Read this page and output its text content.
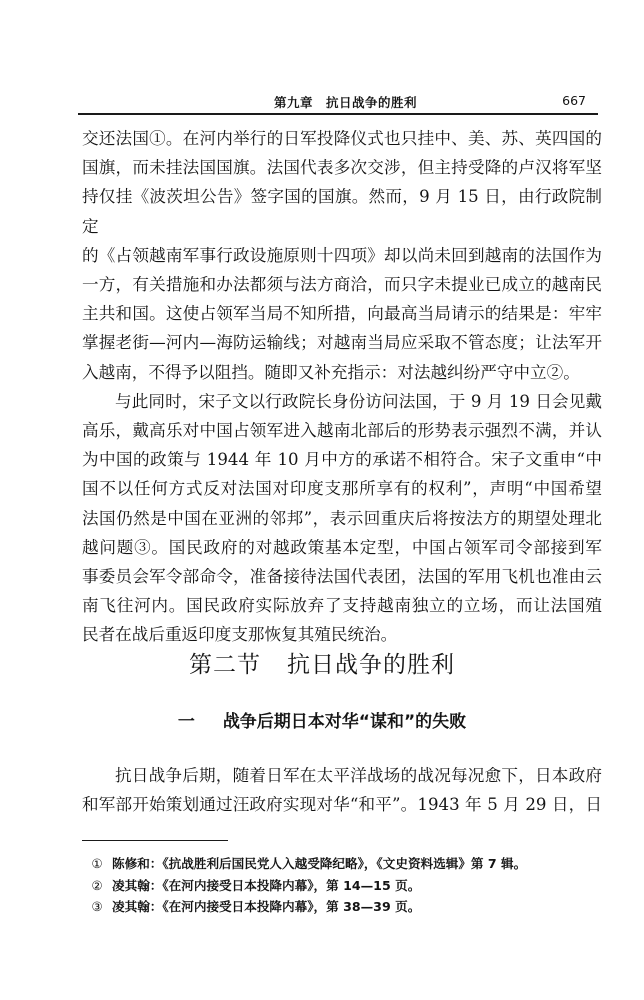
第九章　抗日战争的胜利	667

交还法国①。在河内举行的日军投降仪式也只挂中、美、苏、英四国的

国旗，而未挂法国国旗。法国代表多次交涉，但主持受降的卢汉将军坚

持仅挂《波茨坦公告》签字国的国旗。然而，9 月 15 日，由行政院制定

的《占领越南军事行政设施原则十四项》却以尚未回到越南的法国作为

一方，有关措施和办法都须与法方商洽，而只字未提业已成立的越南民

主共和国。这使占领军当局不知所措，向最高当局请示的结果是：牢牢

掌握老街—河内—海防运输线；对越南当局应采取不管态度；让法军开

入越南，不得予以阻挡。随即又补充指示：对法越纠纷严守中立②。

与此同时，宋子文以行政院长身份访问法国，于 9 月 19 日会见戴

高乐，戴高乐对中国占领军进入越南北部后的形势表示强烈不满，并认

为中国的政策与 1944 年 10 月中方的承诺不相符合。宋子文重申“中

国不以任何方式反对法国对印度支那所享有的权利”，声明“中国希望

法国仍然是中国在亚洲的邻邦”，表示回重庆后将按法方的期望处理北

越问题③。国民政府的对越政策基本定型，中国占领军司令部接到军

事委员会军令部命令，准备接待法国代表团，法国的军用飞机也准由云

南飞往河内。国民政府实际放弃了支持越南独立的立场，而让法国殖

民者在战后重返印度支那恢复其殖民统治。

第二节 抗日战争的胜利
一 战争后期日本对华“谋和”的失败

抗日战争后期，随着日军在太平洋战场的战况每况愈下，日本政府

和军部开始策划通过汪政府实现对华“和平”。1943 年 5 月 29 日，日

① 陈修和：《抗战胜利后国民党人入越受降纪略》，《文史资料选辑》第 7 辑。
② 凌其翰：《在河内接受日本投降内幕》，第 14—15 页。
③ 凌其翰：《在河内接受日本投降内幕》，第 38—39 页。
